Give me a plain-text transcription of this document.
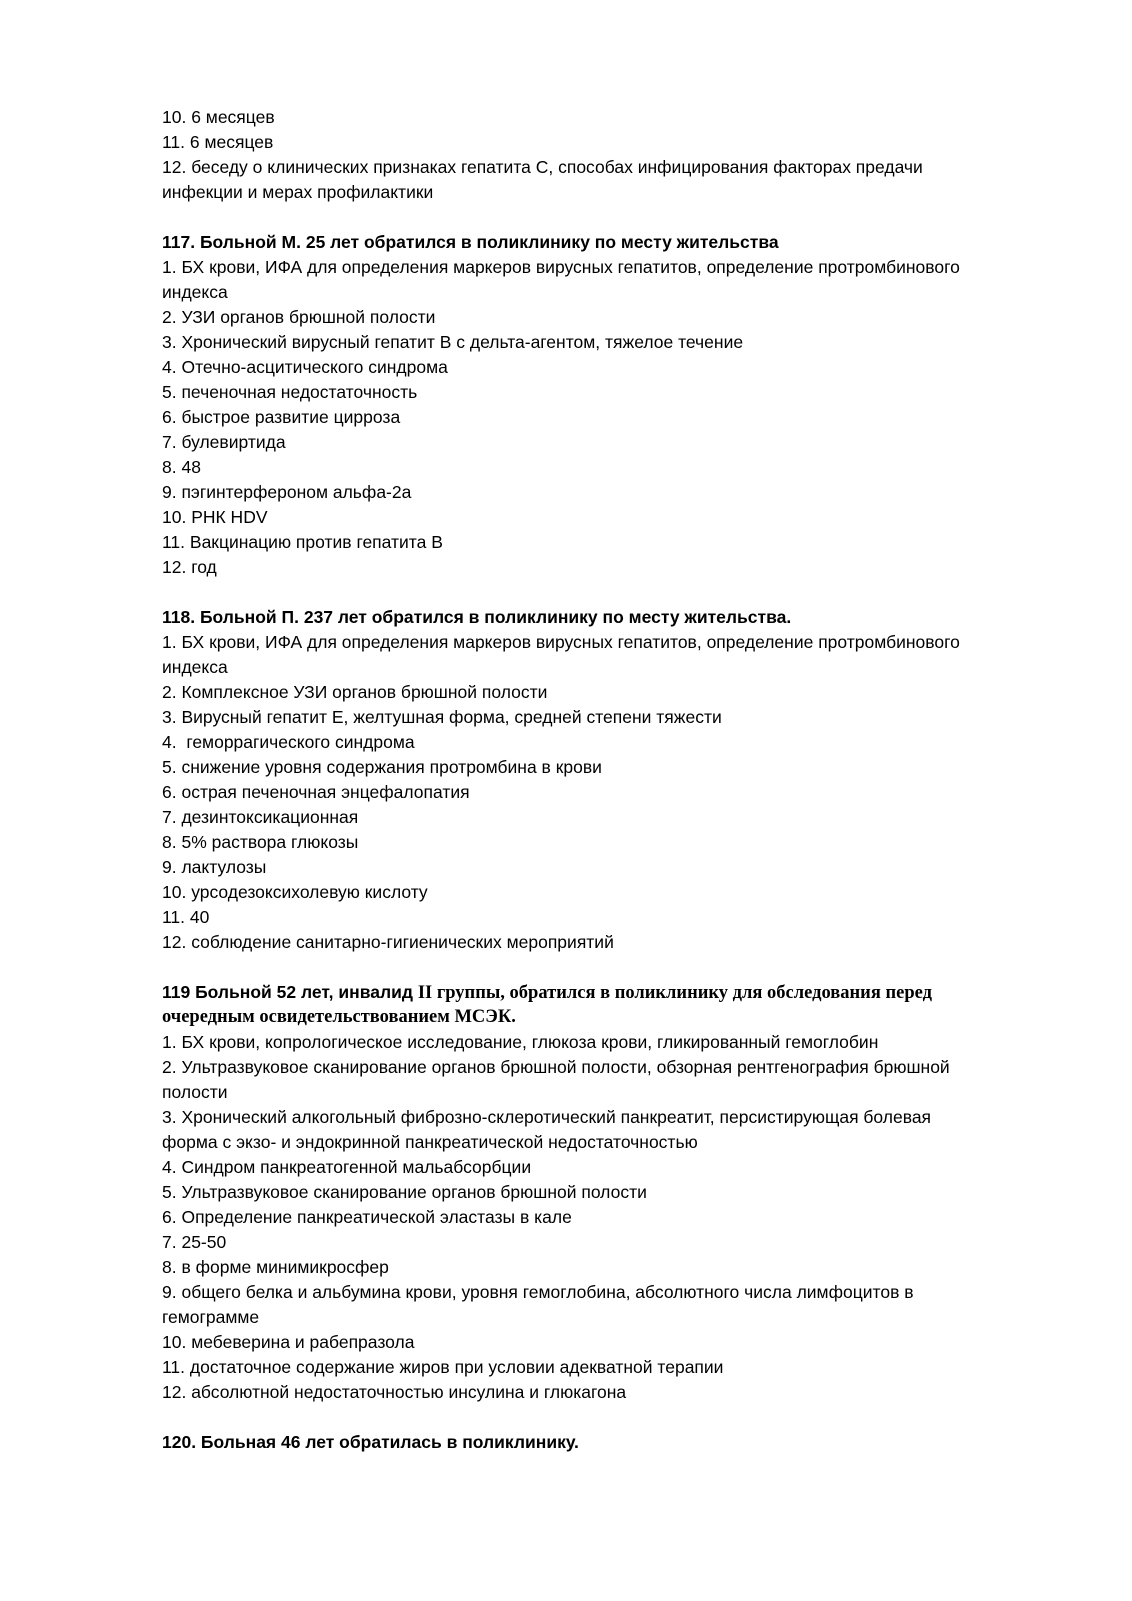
10. 6 месяцев
11. 6 месяцев
12. беседу о клинических признаках гепатита С, способах инфицирования факторах предачи
инфекции и мерах профилактики
117. Больной М. 25 лет обратился в поликлинику по месту жительства
1. БХ крови, ИФА для определения маркеров вирусных гепатитов, определение протромбинового
индекса
2. УЗИ органов брюшной полости
3. Хронический вирусный гепатит В с дельта-агентом, тяжелое течение
4. Отечно-асцитического синдрома
5. печеночная недостаточность
6. быстрое развитие цирроза
7. булевиртида
8. 48
9. пэгинтерфероном альфа-2а
10. РНК HDV
11. Вакцинацию против гепатита В
12. год
118. Больной П. 237 лет обратился в поликлинику по месту жительства.
1. БХ крови, ИФА для определения маркеров вирусных гепатитов, определение протромбинового
индекса
2. Комплексное УЗИ органов брюшной полости
3. Вирусный гепатит Е, желтушная форма, средней степени тяжести
4.  геморрагического синдрома
5. снижение уровня содержания протромбина в крови
6. острая печеночная энцефалопатия
7. дезинтоксикационная
8. 5% раствора глюкозы
9. лактулозы
10. урсодезоксихолевую кислоту
11. 40
12. соблюдение санитарно-гигиенических мероприятий
119 Больной 52 лет, инвалид II группы, обратился в поликлинику для обследования перед
очередным освидетельствованием МСЭК.
1. БХ крови, копрологическое исследование, глюкоза крови, гликированный гемоглобин
2. Ультразвуковое сканирование органов брюшной полости, обзорная рентгенография брюшной
полости
3. Хронический алкогольный фиброзно-склеротический панкреатит, персистирующая болевая
форма с экзо- и эндокринной панкреатической недостаточностью
4. Синдром панкреатогенной мальабсорбции
5. Ультразвуковое сканирование органов брюшной полости
6. Определение панкреатической эластазы в кале
7. 25-50
8. в форме минимикросфер
9. общего белка и альбумина крови, уровня гемоглобина, абсолютного числа лимфоцитов в
гемограмме
10. мебеверина и рабепразола
11. достаточное содержание жиров при условии адекватной терапии
12. абсолютной недостаточностью инсулина и глюкагона
120. Больная 46 лет обратилась в поликлинику.
